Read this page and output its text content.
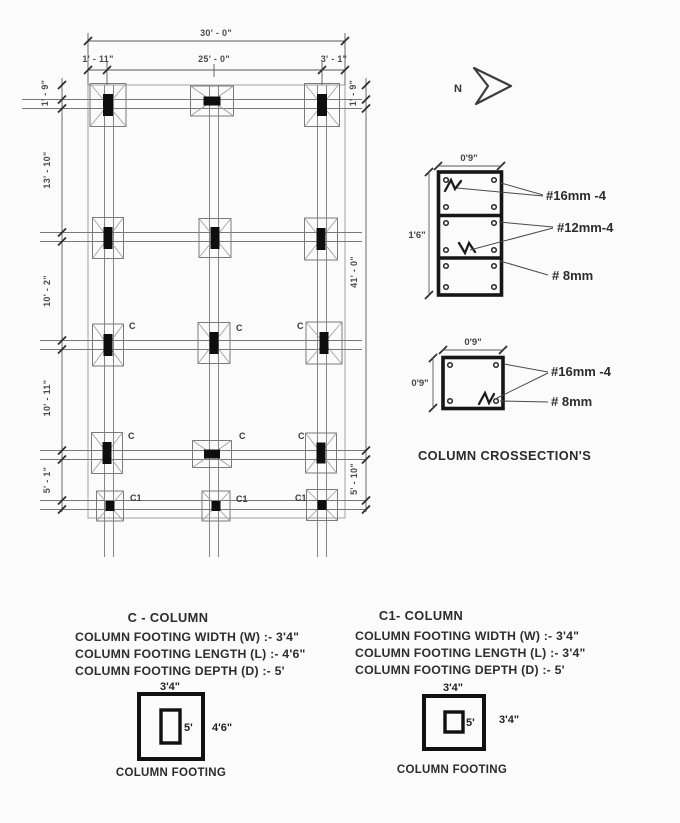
30' - 0"
1' - 11"	25' - 0"	3' - 1"
1' - 9"
13' - 10"
10' - 2"
10' - 11"
5' - 1"
1' - 9"
41' - 0"
5' - 10"
C	C	C
C	C	C
C1	C1	C1
N
0'9"
1'6"
#16mm -4
#12mm-4
# 8mm
0'9"
0'9"
#16mm -4
# 8mm
COLUMN CROSSECTION'S
C - COLUMN
COLUMN FOOTING WIDTH (W) :- 3'4"
COLUMN FOOTING LENGTH (L) :- 4'6"
COLUMN FOOTING DEPTH (D) :- 5'
3'4"
5' 4'6"
COLUMN FOOTING
C1- COLUMN
COLUMN FOOTING WIDTH (W) :- 3'4"
COLUMN FOOTING LENGTH (L) :- 3'4"
COLUMN FOOTING DEPTH (D) :- 5'
3'4"
5' 3'4"
COLUMN FOOTING
